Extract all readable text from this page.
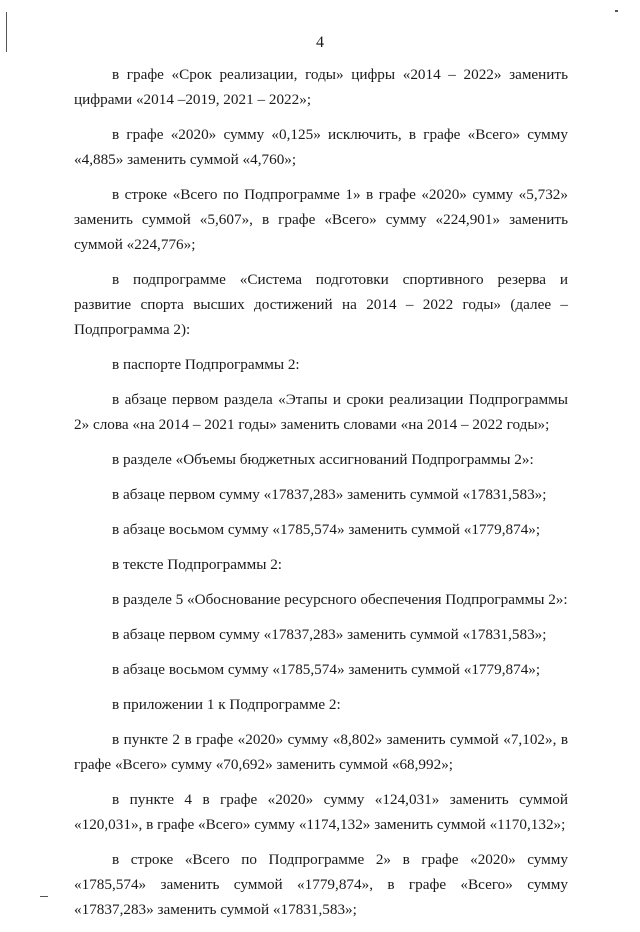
4

в графе «Срок реализации, годы» цифры «2014 – 2022» заменить цифрами «2014 –2019, 2021 – 2022»;

в графе «2020» сумму «0,125» исключить, в графе «Всего» сумму «4,885» заменить суммой «4,760»;

в строке «Всего по Подпрограмме 1» в графе «2020» сумму «5,732» заменить суммой «5,607», в графе «Всего» сумму «224,901» заменить суммой «224,776»;

в подпрограмме «Система подготовки спортивного резерва и развитие спорта высших достижений на 2014 – 2022 годы» (далее – Подпрограмма 2):

в паспорте Подпрограммы 2:

в абзаце первом раздела «Этапы и сроки реализации Подпрограммы 2» слова «на 2014 – 2021 годы» заменить словами «на 2014 – 2022 годы»;

в разделе «Объемы бюджетных ассигнований Подпрограммы 2»:

в абзаце первом сумму «17837,283» заменить суммой «17831,583»;

в абзаце восьмом сумму «1785,574» заменить суммой «1779,874»;

в тексте Подпрограммы 2:

в разделе 5 «Обоснование ресурсного обеспечения Подпрограммы 2»:

в абзаце первом сумму «17837,283» заменить суммой «17831,583»;

в абзаце восьмом сумму «1785,574» заменить суммой «1779,874»;

в приложении 1 к Подпрограмме 2:

в пункте 2 в графе «2020» сумму «8,802» заменить суммой «7,102», в графе «Всего» сумму «70,692» заменить суммой «68,992»;

в пункте 4 в графе «2020» сумму «124,031» заменить суммой «120,031», в графе «Всего» сумму «1174,132» заменить суммой «1170,132»;

в строке «Всего по Подпрограмме 2» в графе «2020» сумму «1785,574» заменить суммой «1779,874», в графе «Всего» сумму «17837,283» заменить суммой «17831,583»;
